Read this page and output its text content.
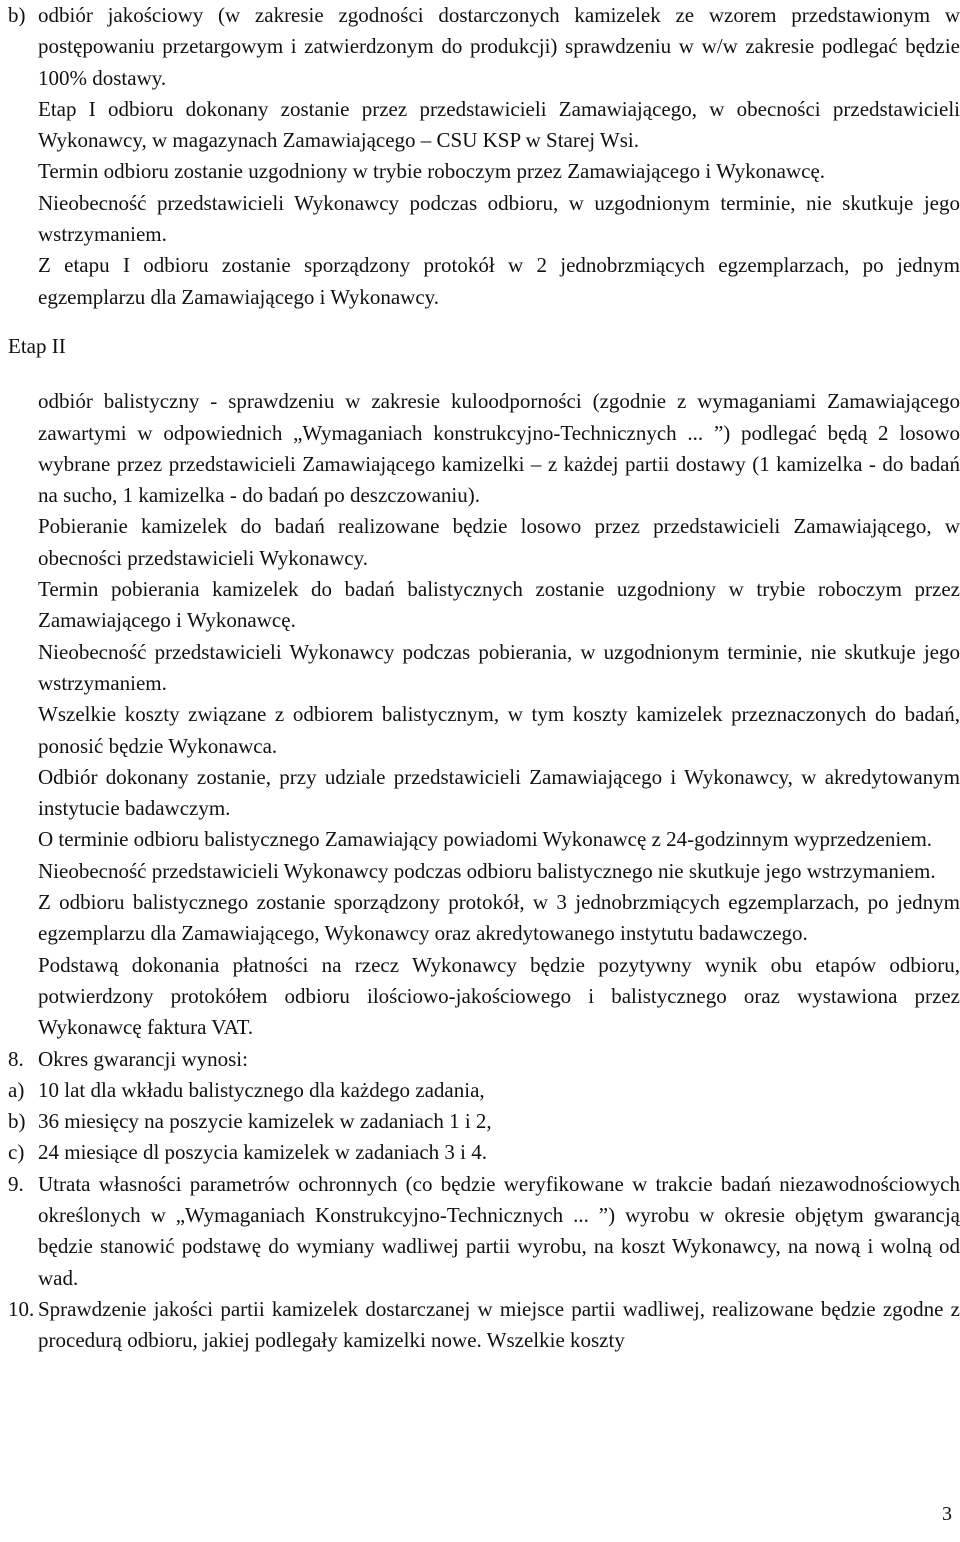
b) odbiór jakościowy (w zakresie zgodności dostarczonych kamizelek ze wzorem przedstawionym w postępowaniu przetargowym i zatwierdzonym do produkcji) sprawdzeniu w w/w zakresie podlegać będzie 100% dostawy.

Etap I odbioru dokonany zostanie przez przedstawicieli Zamawiającego, w obecności przedstawicieli Wykonawcy, w magazynach Zamawiającego – CSU KSP w Starej Wsi.

Termin odbioru zostanie uzgodniony w trybie roboczym przez Zamawiającego i Wykonawcę.

Nieobecność przedstawicieli Wykonawcy podczas odbioru, w uzgodnionym terminie, nie skutkuje jego wstrzymaniem.

Z etapu I odbioru zostanie sporządzony protokół w 2 jednobrzmiących egzemplarzach, po jednym egzemplarzu dla Zamawiającego i Wykonawcy.

Etap II

odbiór balistyczny - sprawdzeniu w zakresie kuloodporności (zgodnie z wymaganiami Zamawiającego zawartymi w odpowiednich „Wymaganiach konstrukcyjno-Technicznych ... ”) podlegać będą 2 losowo wybrane przez przedstawicieli Zamawiającego kamizelki – z każdej partii dostawy (1 kamizelka - do badań na sucho, 1 kamizelka - do badań po deszczowaniu).

Pobieranie kamizelek do badań realizowane będzie losowo przez przedstawicieli Zamawiającego, w obecności przedstawicieli Wykonawcy.

Termin pobierania kamizelek do badań balistycznych zostanie uzgodniony w trybie roboczym przez Zamawiającego i Wykonawcę.

Nieobecność przedstawicieli Wykonawcy podczas pobierania, w uzgodnionym terminie, nie skutkuje jego wstrzymaniem.

Wszelkie koszty związane z odbiorem balistycznym, w tym koszty kamizelek przeznaczonych do badań, ponosić będzie Wykonawca.

Odbiór dokonany zostanie, przy udziale przedstawicieli Zamawiającego i Wykonawcy, w akredytowanym instytucie badawczym.

O terminie odbioru balistycznego Zamawiający powiadomi Wykonawcę z 24-godzinnym wyprzedzeniem.

Nieobecność przedstawicieli Wykonawcy podczas odbioru balistycznego nie skutkuje jego wstrzymaniem.

Z odbioru balistycznego zostanie sporządzony protokół, w 3 jednobrzmiących egzemplarzach, po jednym egzemplarzu dla Zamawiającego, Wykonawcy oraz akredytowanego instytutu badawczego.

Podstawą dokonania płatności na rzecz Wykonawcy będzie pozytywny wynik obu etapów odbioru, potwierdzony protokółem odbioru ilościowo-jakościowego i balistycznego oraz wystawiona przez Wykonawcę faktura VAT.

8. Okres gwarancji wynosi:

a) 10 lat dla wkładu balistycznego dla każdego zadania,

b) 36 miesięcy na poszycie kamizelek w zadaniach 1 i 2,

c) 24 miesiące dl poszycia kamizelek w zadaniach 3 i 4.

9. Utrata własności parametrów ochronnych (co będzie weryfikowane w trakcie badań niezawodnościowych określonych w „Wymaganiach Konstrukcyjno-Technicznych ... ”) wyrobu w okresie objętym gwarancją będzie stanowić podstawę do wymiany wadliwej partii wyrobu, na koszt Wykonawcy, na nową i wolną od wad.

10. Sprawdzenie jakości partii kamizelek dostarczanej w miejsce partii wadliwej, realizowane będzie zgodne z procedurą odbioru, jakiej podlegały kamizelki nowe. Wszelkie koszty

3
